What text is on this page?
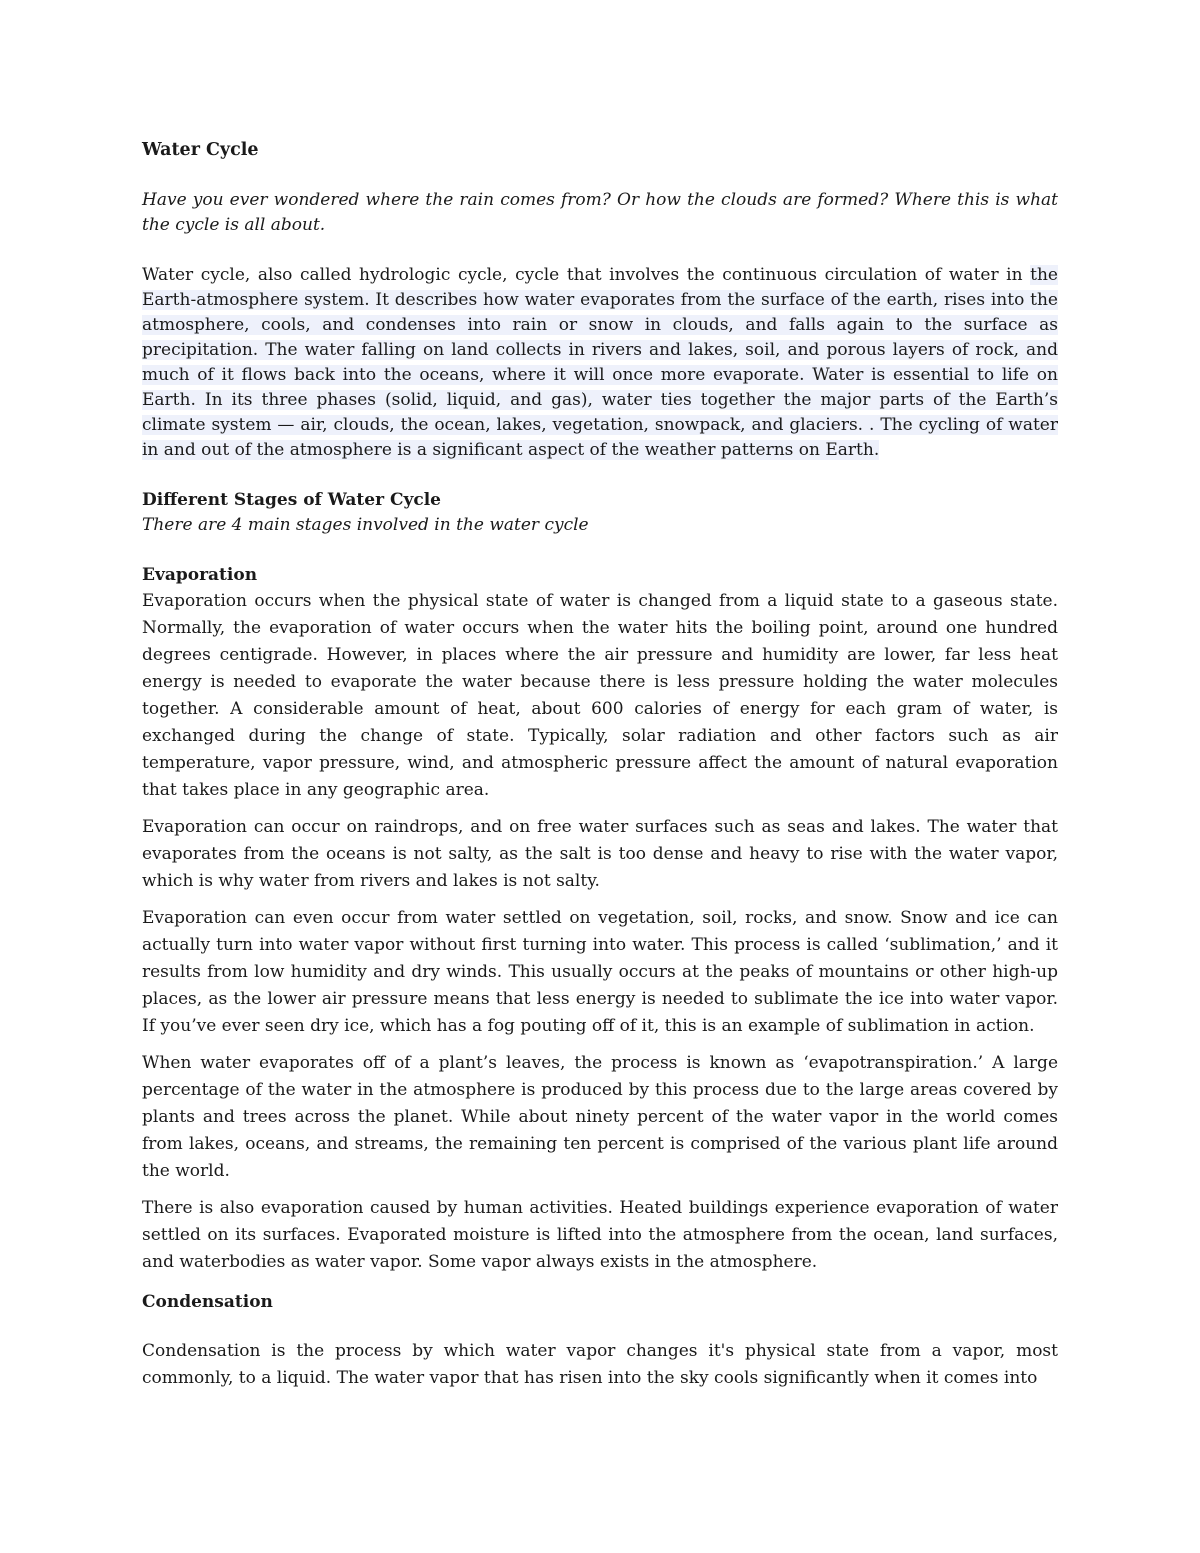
Water Cycle

Have you ever wondered where the rain comes from? Or how the clouds are formed? Where this is what the cycle is all about.

Water cycle, also called hydrologic cycle, cycle that involves the continuous circulation of water in the Earth-atmosphere system. It describes how water evaporates from the surface of the earth, rises into the atmosphere, cools, and condenses into rain or snow in clouds, and falls again to the surface as precipitation. The water falling on land collects in rivers and lakes, soil, and porous layers of rock, and much of it flows back into the oceans, where it will once more evaporate. Water is essential to life on Earth. In its three phases (solid, liquid, and gas), water ties together the major parts of the Earth’s climate system — air, clouds, the ocean, lakes, vegetation, snowpack, and glaciers. . The cycling of water in and out of the atmosphere is a significant aspect of the weather patterns on Earth.

Different Stages of Water Cycle

There are 4 main stages involved in the water cycle

Evaporation

Evaporation occurs when the physical state of water is changed from a liquid state to a gaseous state. Normally, the evaporation of water occurs when the water hits the boiling point, around one hundred degrees centigrade. However, in places where the air pressure and humidity are lower, far less heat energy is needed to evaporate the water because there is less pressure holding the water molecules together. A considerable amount of heat, about 600 calories of energy for each gram of water, is exchanged during the change of state. Typically, solar radiation and other factors such as air temperature, vapor pressure, wind, and atmospheric pressure affect the amount of natural evaporation that takes place in any geographic area.

Evaporation can occur on raindrops, and on free water surfaces such as seas and lakes. The water that evaporates from the oceans is not salty, as the salt is too dense and heavy to rise with the water vapor, which is why water from rivers and lakes is not salty.

Evaporation can even occur from water settled on vegetation, soil, rocks, and snow. Snow and ice can actually turn into water vapor without first turning into water. This process is called ‘sublimation,’ and it results from low humidity and dry winds. This usually occurs at the peaks of mountains or other high-up places, as the lower air pressure means that less energy is needed to sublimate the ice into water vapor. If you’ve ever seen dry ice, which has a fog pouting off of it, this is an example of sublimation in action.

When water evaporates off of a plant’s leaves, the process is known as ‘evapotranspiration.’ A large percentage of the water in the atmosphere is produced by this process due to the large areas covered by plants and trees across the planet. While about ninety percent of the water vapor in the world comes from lakes, oceans, and streams, the remaining ten percent is comprised of the various plant life around the world.

There is also evaporation caused by human activities. Heated buildings experience evaporation of water settled on its surfaces. Evaporated moisture is lifted into the atmosphere from the ocean, land surfaces, and waterbodies as water vapor. Some vapor always exists in the atmosphere.

Condensation

Condensation is the process by which water vapor changes it's physical state from a vapor, most commonly, to a liquid. The water vapor that has risen into the sky cools significantly when it comes into
